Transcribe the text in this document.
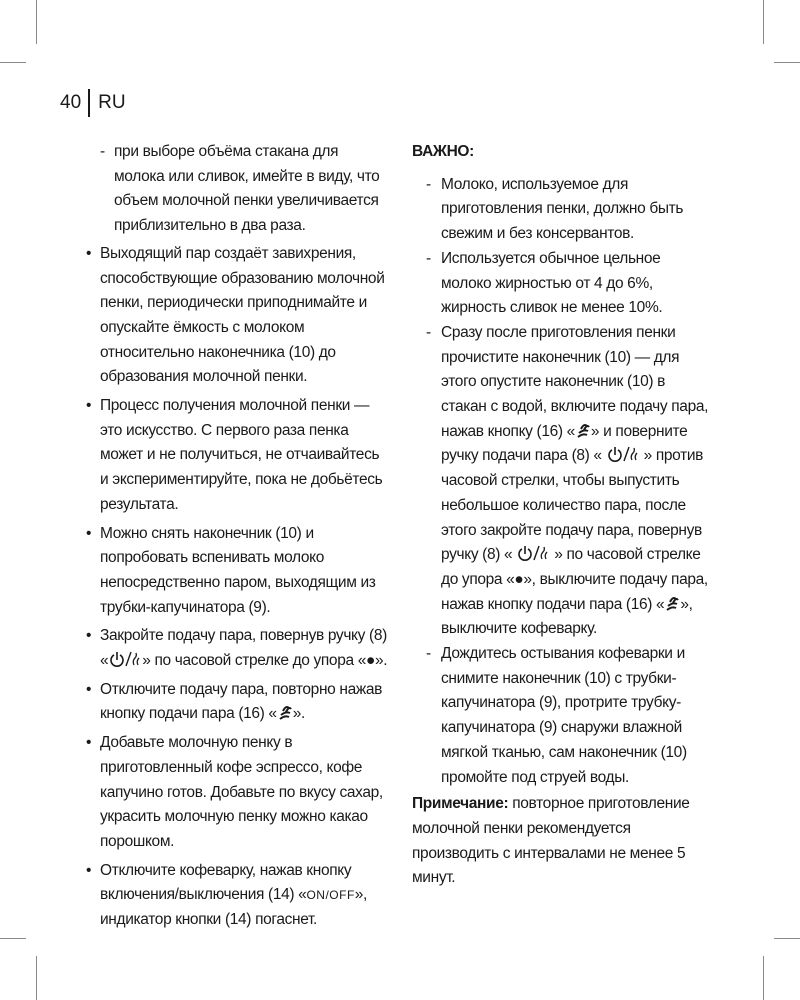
40 RU
- при выборе объёма стакана для молока или сливок, имейте в виду, что объем молочной пенки увеличивается приблизительно в два раза.
• Выходящий пар создаёт завихрения, способствующие образованию молочной пенки, периодически приподнимайте и опускайте ёмкость с молоком относительно наконечника (10) до образования молочной пенки.
• Процесс получения молочной пенки — это искусство. С первого раза пенка может и не получиться, не отчаивайтесь и экспериментируйте, пока не добьётесь результата.
• Можно снять наконечник (10) и попробовать вспенивать молоко непосредственно паром, выходящим из трубки-капучинатора (9).
• Закройте подачу пара, повернув ручку (8) « » по часовой стрелке до упора «●».
• Отключите подачу пара, повторно нажав кнопку подачи пара (16) « ».
• Добавьте молочную пенку в приготовленный кофе эспрессо, кофе капучино готов. Добавьте по вкусу сахар, украсить молочную пенку можно какао порошком.
• Отключите кофеварку, нажав кнопку включения/выключения (14) «ON/OFF», индикатор кнопки (14) погаснет.
ВАЖНО:
- Молоко, используемое для приготовления пенки, должно быть свежим и без консервантов.
- Используется обычное цельное молоко жирностью от 4 до 6%, жирность сливок не менее 10%.
- Сразу после приготовления пенки прочистите наконечник (10) — для этого опустите наконечник (10) в стакан с водой, включите подачу пара, нажав кнопку (16) « » и поверните ручку подачи пара (8) «
» против часовой стрелки, чтобы выпустить небольшое количество пара, после этого закройте подачу пара, повернув ручку (8) «
» по часовой стрелке до упора «●», выключите подачу пара, нажав кнопку подачи пара (16) « », выключите кофеварку.
- Дождитесь остывания кофеварки и снимите наконечник (10) с трубки-капучинатора (9), протрите трубку-капучинатора (9) снаружи влажной мягкой тканью, сам наконечник (10) промойте под струей воды.
Примечание: повторное приготовление молочной пенки рекомендуется производить с интервалами не менее 5 минут.
